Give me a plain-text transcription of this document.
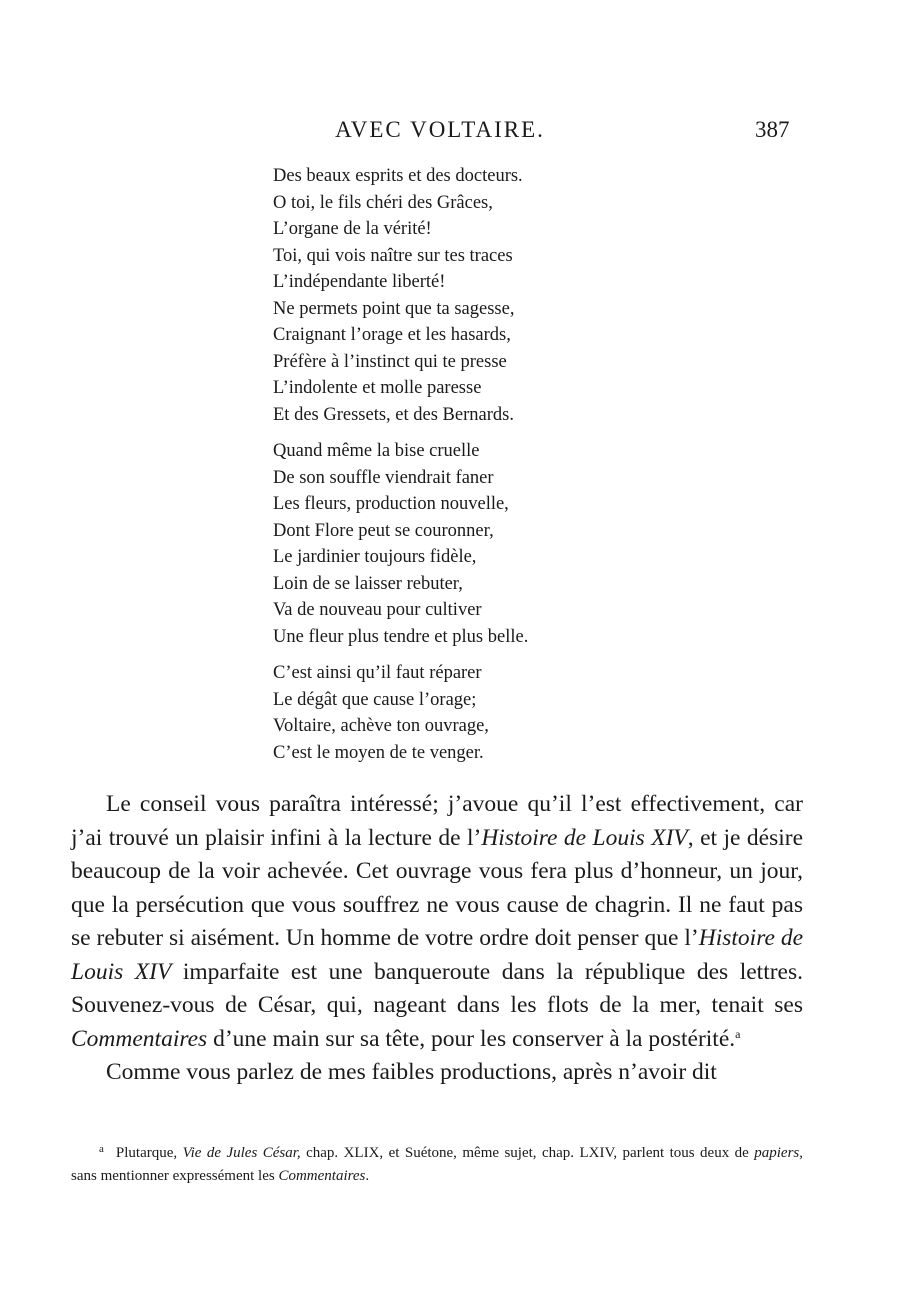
AVEC VOLTAIRE.	387
Des beaux esprits et des docteurs.
O toi, le fils chéri des Grâces,
L’organe de la vérité!
Toi, qui vois naître sur tes traces
L’indépendante liberté!
Ne permets point que ta sagesse,
Craignant l’orage et les hasards,
Préfère à l’instinct qui te presse
L’indolente et molle paresse
Et des Gressets, et des Bernards.
Quand même la bise cruelle
De son souffle viendrait faner
Les fleurs, production nouvelle,
Dont Flore peut se couronner,
Le jardinier toujours fidèle,
Loin de se laisser rebuter,
Va de nouveau pour cultiver
Une fleur plus tendre et plus belle.
C’est ainsi qu’il faut réparer
Le dégât que cause l’orage;
Voltaire, achève ton ouvrage,
C’est le moyen de te venger.

Le conseil vous paraîtra intéressé; j’avoue qu’il l’est effectivement, car j’ai trouvé un plaisir infini à la lecture de l’Histoire de Louis XIV, et je désire beaucoup de la voir achevée. Cet ouvrage vous fera plus d’honneur, un jour, que la persécution que vous souffrez ne vous cause de chagrin. Il ne faut pas se rebuter si aisément. Un homme de votre ordre doit penser que l’Histoire de Louis XIV imparfaite est une banqueroute dans la république des lettres. Souvenez-vous de César, qui, nageant dans les flots de la mer, tenait ses Commentaires d’une main sur sa tête, pour les conserver à la postérité.$^a$

Comme vous parlez de mes faibles productions, après n’avoir dit

$^a$ Plutarque, Vie de Jules César, chap. XLIX, et Suétone, même sujet, chap. LXIV, parlent tous deux de papiers, sans mentionner expressément les Commentaires.
